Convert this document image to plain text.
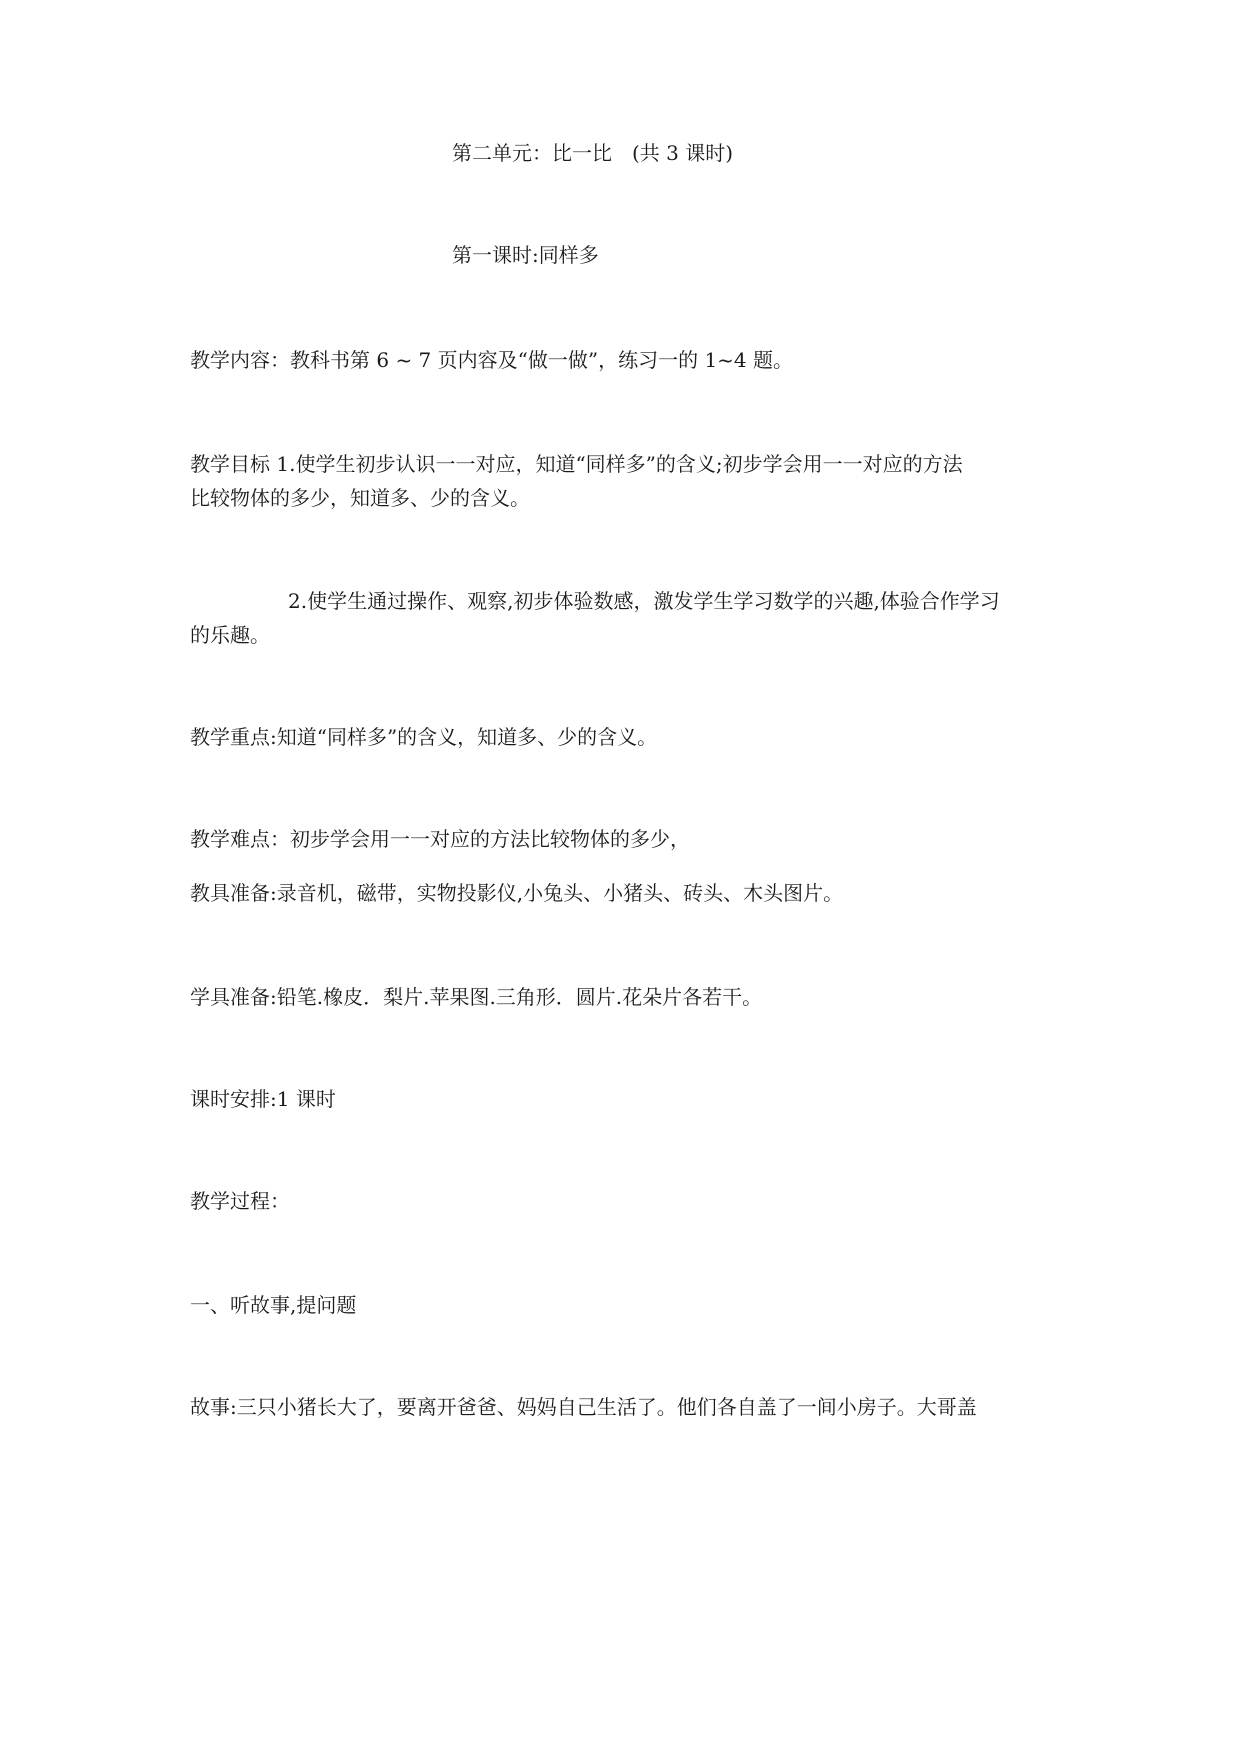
第二单元：比一比　(共 3 课时)
第一课时:同样多
教学内容：教科书第 6 ~ 7 页内容及“做一做”，练习一的 1~4 题。
教学目标 1.使学生初步认识一一对应，知道“同样多”的含义;初步学会用一一对应的方法
比较物体的多少，知道多、少的含义。
2.使学生通过操作、观察,初步体验数感，激发学生学习数学的兴趣,体验合作学习
的乐趣。
教学重点:知道“同样多”的含义，知道多、少的含义。
教学难点：初步学会用一一对应的方法比较物体的多少，
教具准备:录音机，磁带，实物投影仪,小兔头、小猪头、砖头、木头图片。
学具准备:铅笔.橡皮．梨片.苹果图.三角形．圆片.花朵片各若干。
课时安排:1 课时
教学过程：
一、听故事,提问题
故事:三只小猪长大了，要离开爸爸、妈妈自己生活了。他们各自盖了一间小房子。大哥盖
